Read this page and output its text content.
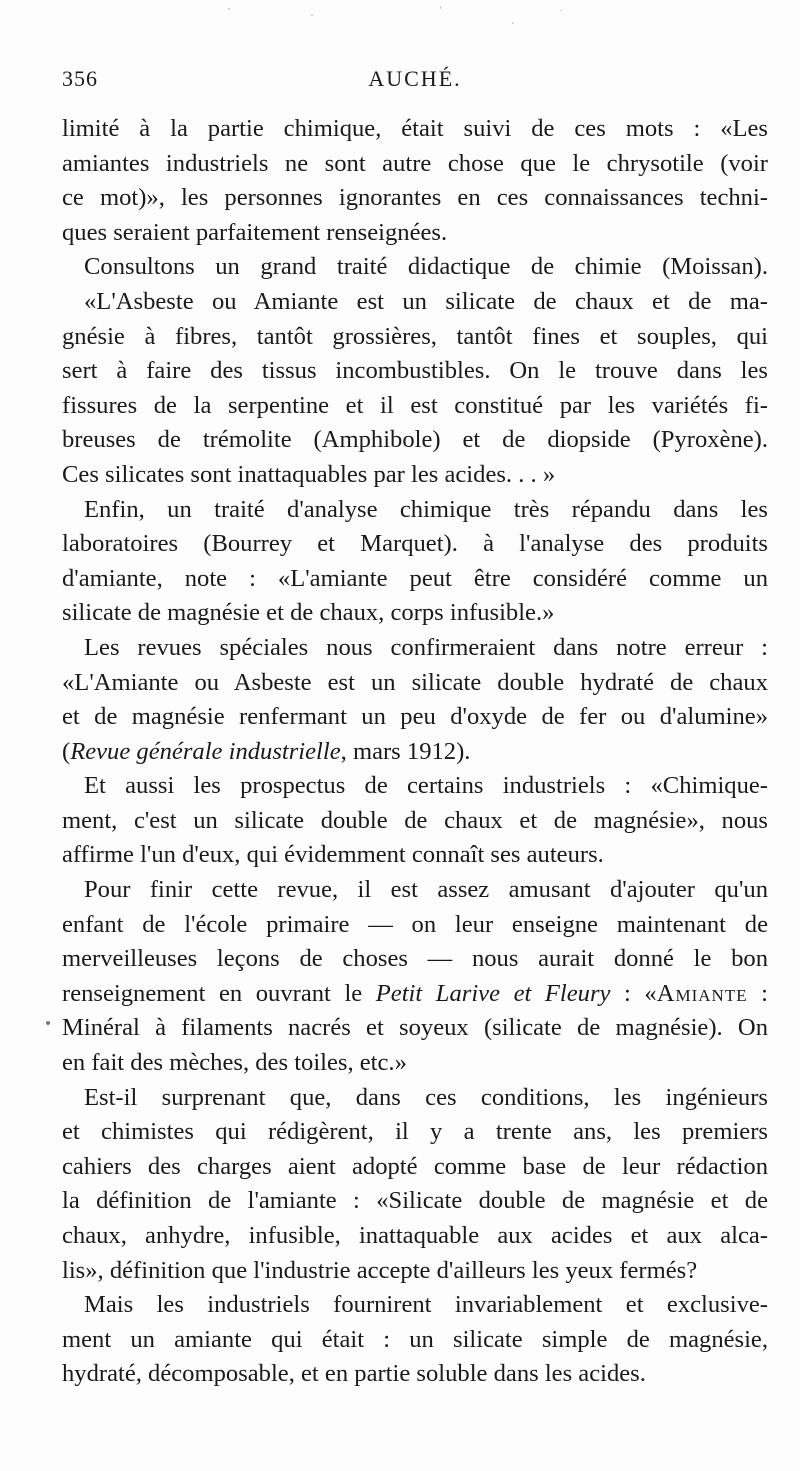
356	AUCHÉ.
limité à la partie chimique, était suivi de ces mots : «Les
amiantes industriels ne sont autre chose que le chrysotile (voir
ce mot)», les personnes ignorantes en ces connaissances techni-
ques seraient parfaitement renseignées.
Consultons un grand traité didactique de chimie (Moissan).
«L'Asbeste ou Amiante est un silicate de chaux et de ma-
gnésie à fibres, tantôt grossières, tantôt fines et souples, qui
sert à faire des tissus incombustibles. On le trouve dans les
fissures de la serpentine et il est constitué par les variétés fi-
breuses de trémolite (Amphibole) et de diopside (Pyroxène).
Ces silicates sont inattaquables par les acides. . . »
Enfin, un traité d'analyse chimique très répandu dans les
laboratoires (Bourrey et Marquet). à l'analyse des produits
d'amiante, note : «L'amiante peut être considéré comme un
silicate de magnésie et de chaux, corps infusible.»
Les revues spéciales nous confirmeraient dans notre erreur :
«L'Amiante ou Asbeste est un silicate double hydraté de chaux
et de magnésie renfermant un peu d'oxyde de fer ou d'alumine»
(Revue générale industrielle, mars 1912).
Et aussi les prospectus de certains industriels : «Chimique-
ment, c'est un silicate double de chaux et de magnésie», nous
affirme l'un d'eux, qui évidemment connaît ses auteurs.
Pour finir cette revue, il est assez amusant d'ajouter qu'un
enfant de l'école primaire — on leur enseigne maintenant de
merveilleuses leçons de choses — nous aurait donné le bon
renseignement en ouvrant le Petit Larive et Fleury : «Amiante :
Minéral à filaments nacrés et soyeux (silicate de magnésie). On
en fait des mèches, des toiles, etc.»
Est-il surprenant que, dans ces conditions, les ingénieurs
et chimistes qui rédigèrent, il y a trente ans, les premiers
cahiers des charges aient adopté comme base de leur rédaction
la définition de l'amiante : «Silicate double de magnésie et de
chaux, anhydre, infusible, inattaquable aux acides et aux alca-
lis», définition que l'industrie accepte d'ailleurs les yeux fermés?
Mais les industriels fournirent invariablement et exclusive-
ment un amiante qui était : un silicate simple de magnésie,
hydraté, décomposable, et en partie soluble dans les acides.
